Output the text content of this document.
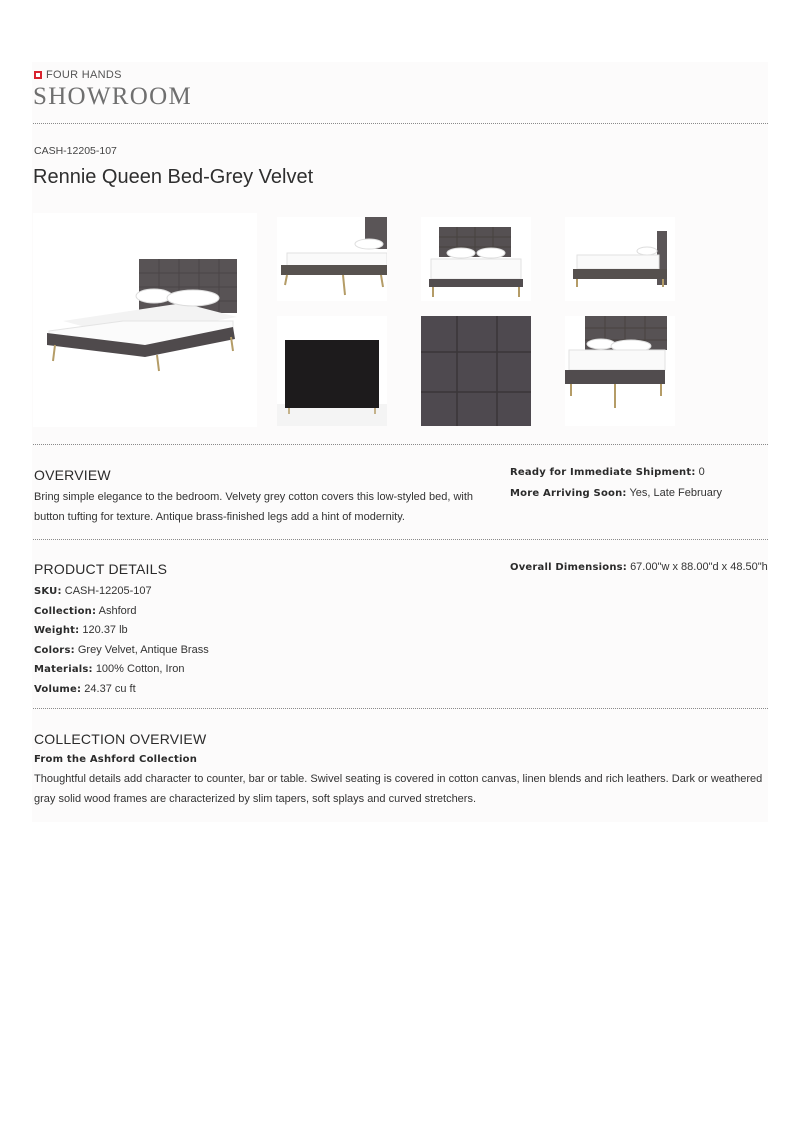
FOUR HANDS
SHOWROOM
CASH-12205-107
Rennie Queen Bed-Grey Velvet
OVERVIEW
Bring simple elegance to the bedroom. Velvety grey cotton covers this low-styled bed, with
button tufting for texture. Antique brass-finished legs add a hint of modernity.
Ready for Immediate Shipment: 0
More Arriving Soon: Yes, Late February
PRODUCT DETAILS
SKU: CASH-12205-107
Collection: Ashford
Weight: 120.37 lb
Colors: Grey Velvet, Antique Brass
Materials: 100% Cotton, Iron
Volume: 24.37 cu ft
Overall Dimensions: 67.00"w x 88.00"d x 48.50"h
COLLECTION OVERVIEW
From the Ashford Collection
Thoughtful details add character to counter, bar or table. Swivel seating is covered in cotton canvas, linen blends and rich leathers. Dark or weathered
gray solid wood frames are characterized by slim tapers, soft splays and curved stretchers.
